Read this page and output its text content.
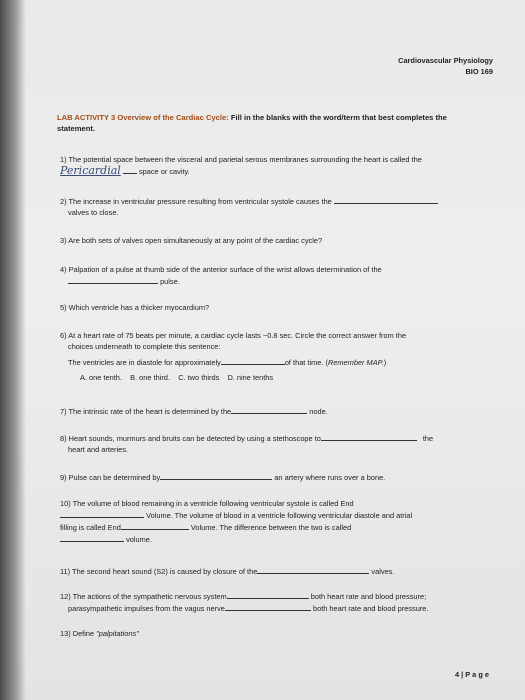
Cardiovascular Physiology
BIO 169
LAB ACTIVITY 3 Overview of the Cardiac Cycle: Fill in the blanks with the word/term that best completes the statement.
1) The potential space between the visceral and parietal serous membranes surrounding the heart is called the
Pericardial space or cavity.
2) The increase in ventricular pressure resulting from ventricular systole causes the
valves to close.
3) Are both sets of valves open simultaneously at any point of the cardiac cycle?
4) Palpation of a pulse at thumb side of the anterior surface of the wrist allows determination of the
pulse.
5) Which ventricle has a thicker myocardium?
6) At a heart rate of 75 beats per minute, a cardiac cycle lasts ~0.8 sec. Circle the correct answer from the
choices underneath to complete this sentence:
The ventricles are in diastole for approximately	of that time. (Remember MAP.)
A. one tenth.    B. one third.    C. two thirds    D. nine tenths
7) The intrinsic rate of the heart is determined by the	node.
8) Heart sounds, murmurs and bruits can be detected by using a stethoscope to	the
heart and arteries.
9) Pulse can be determined by	an artery where runs over a bone.
10) The volume of blood remaining in a ventricle following ventricular systole is called End
Volume. The volume of blood in a ventricle following ventricular diastole and atrial
filling is called End	Volume. The difference between the two is called
volume.
11) The second heart sound (S2) is caused by closure of the	valves.
12) The actions of the sympathetic nervous system	both heart rate and blood pressure;
parasympathetic impulses from the vagus nerve	both heart rate and blood pressure.
13) Define "palpitations"
4 | P a g e
